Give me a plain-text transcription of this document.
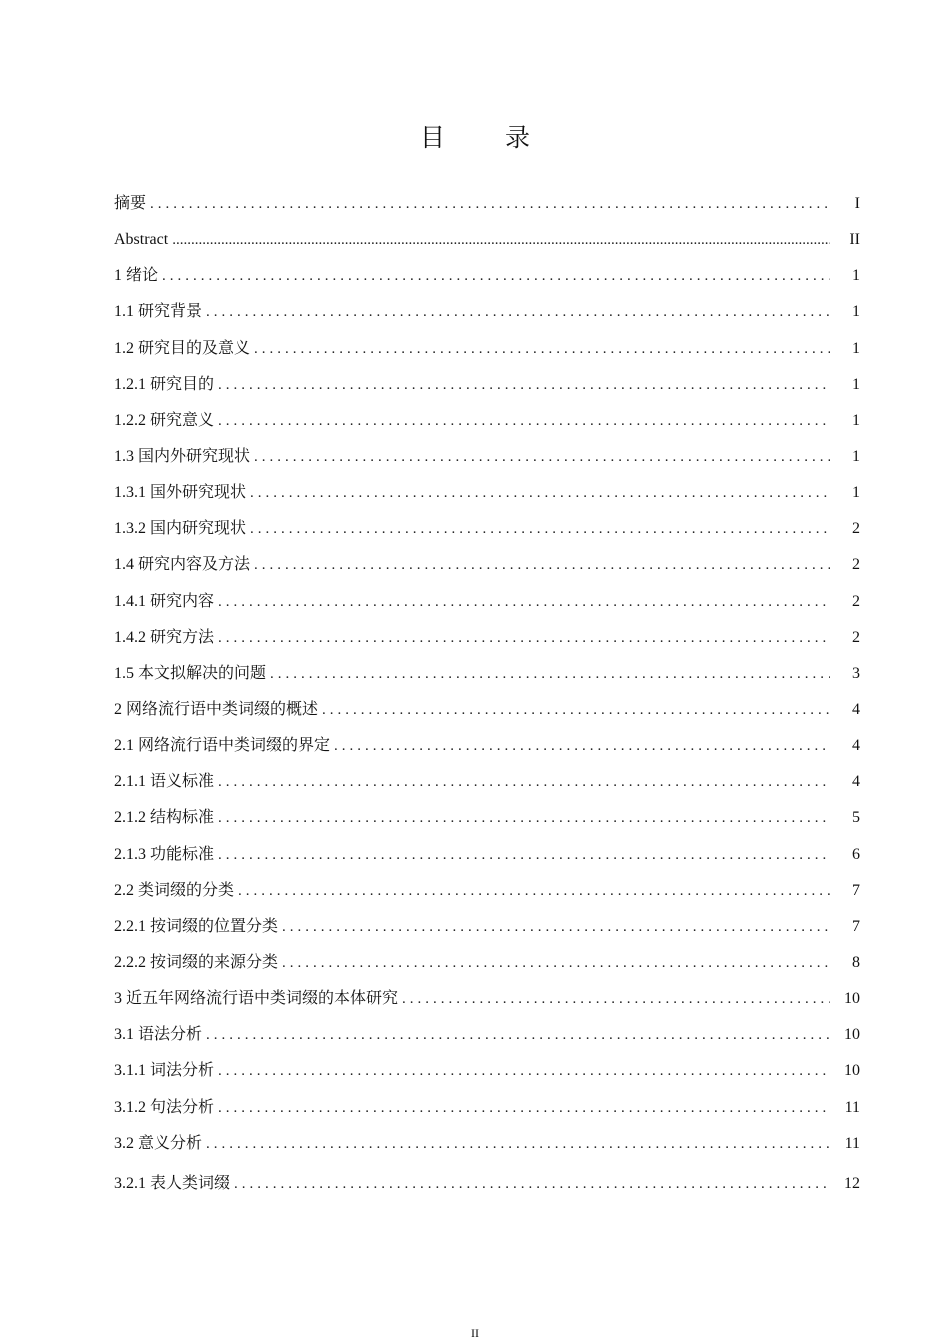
目 录
摘要 .....	I
Abstract .....	II
1 绪论 .....	1
1.1 研究背景 .....	1
1.2 研究目的及意义 .....	1
1.2.1 研究目的 .....	1
1.2.2 研究意义 .....	1
1.3 国内外研究现状 .....	1
1.3.1 国外研究现状 .....	1
1.3.2 国内研究现状 .....	2
1.4 研究内容及方法 .....	2
1.4.1 研究内容 .....	2
1.4.2 研究方法 .....	2
1.5 本文拟解决的问题 .....	3
2 网络流行语中类词缀的概述 .....	4
2.1 网络流行语中类词缀的界定 .....	4
2.1.1 语义标准 .....	4
2.1.2 结构标准 .....	5
2.1.3 功能标准 .....	6
2.2 类词缀的分类 .....	7
2.2.1 按词缀的位置分类 .....	7
2.2.2 按词缀的来源分类 .....	8
3 近五年网络流行语中类词缀的本体研究 .....	10
3.1 语法分析 .....	10
3.1.1 词法分析 .....	10
3.1.2 句法分析 .....	11
3.2 意义分析 .....	11
3.2.1 表人类词缀 .....	12
II
